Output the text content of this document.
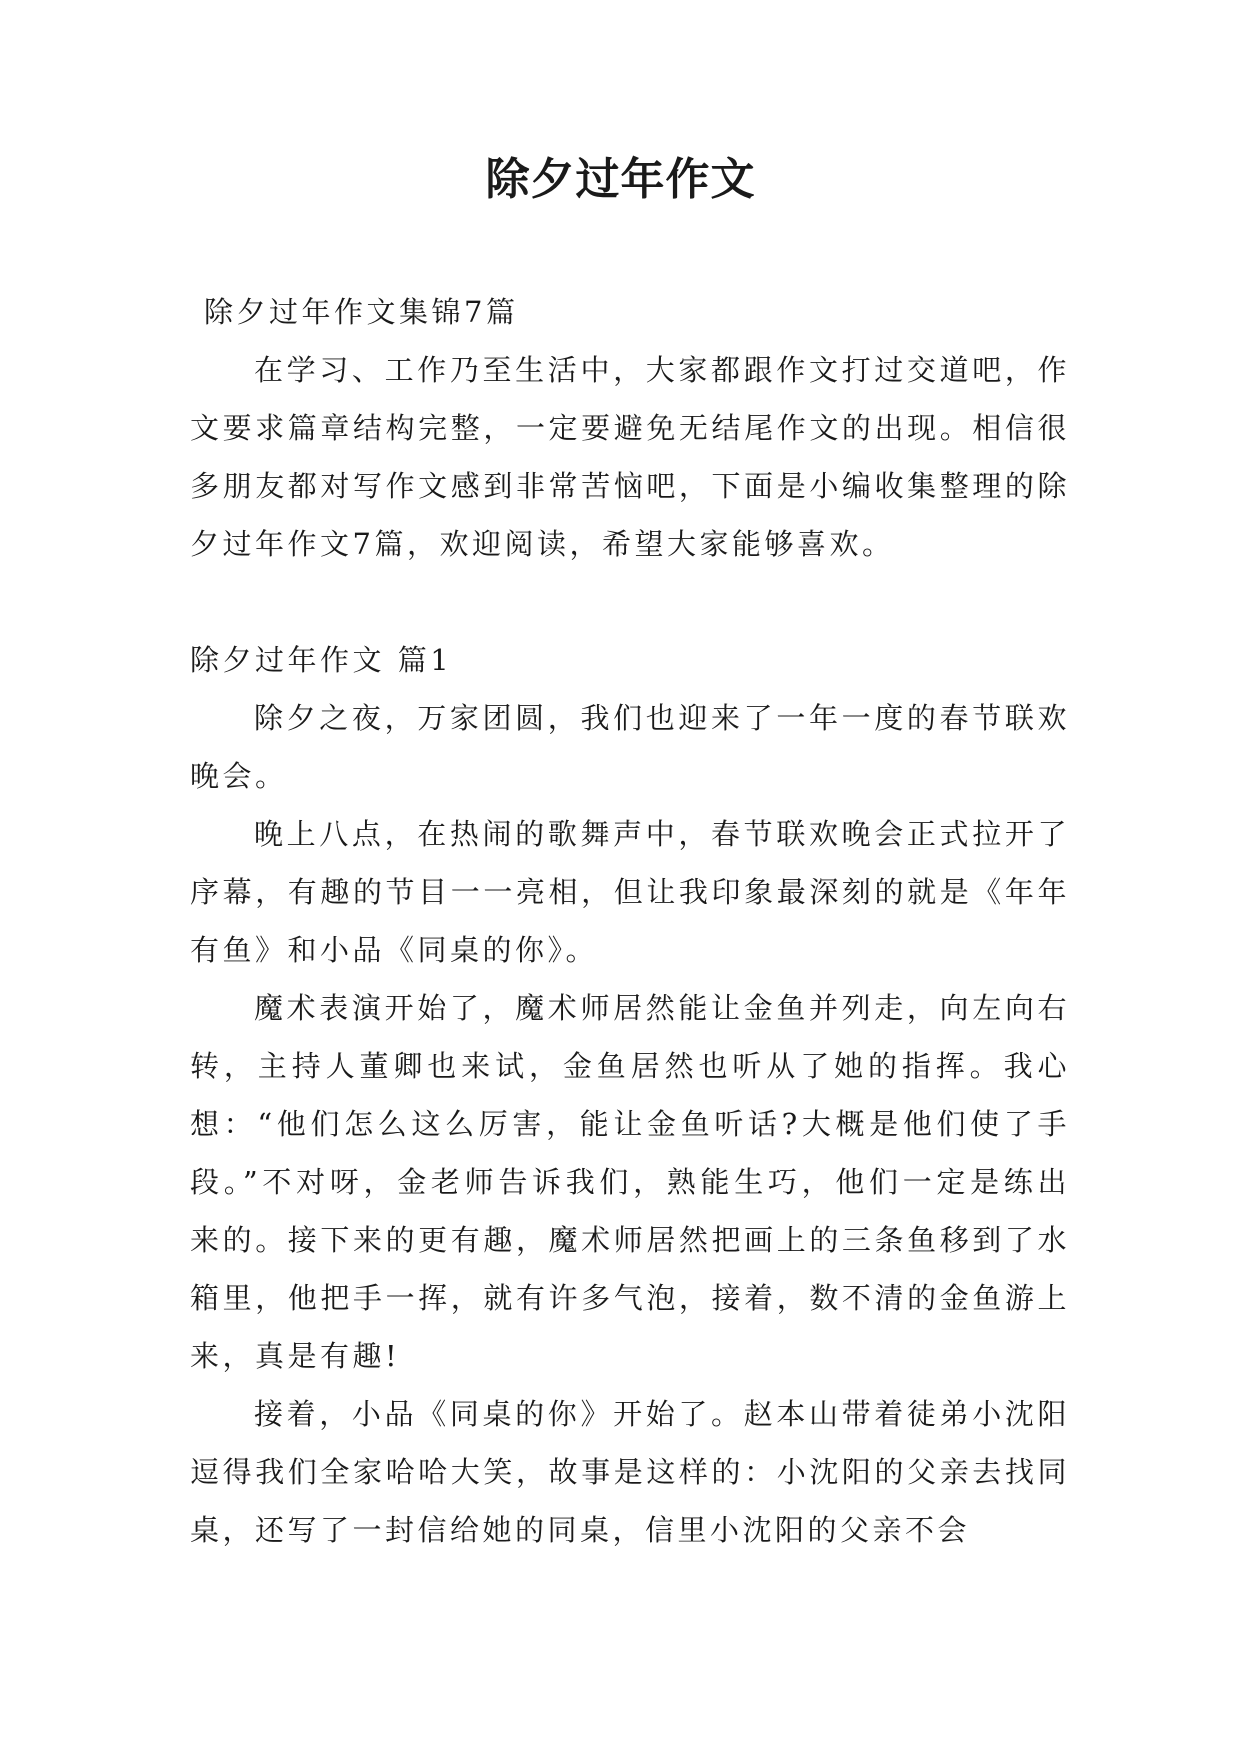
除夕过年作文

除夕过年作文集锦7篇

在学习、工作乃至生活中，大家都跟作文打过交道吧，作文要求篇章结构完整，一定要避免无结尾作文的出现。相信很多朋友都对写作文感到非常苦恼吧，下面是小编收集整理的除夕过年作文7篇，欢迎阅读，希望大家能够喜欢。

除夕过年作文 篇1

除夕之夜，万家团圆，我们也迎来了一年一度的春节联欢晚会。

晚上八点，在热闹的歌舞声中，春节联欢晚会正式拉开了序幕，有趣的节目一一亮相，但让我印象最深刻的就是《年年有鱼》和小品《同桌的你》。

魔术表演开始了，魔术师居然能让金鱼并列走，向左向右转，主持人董卿也来试，金鱼居然也听从了她的指挥。我心想：“他们怎么这么厉害，能让金鱼听话?大概是他们使了手段。”不对呀，金老师告诉我们，熟能生巧，他们一定是练出来的。接下来的更有趣，魔术师居然把画上的三条鱼移到了水箱里，他把手一挥，就有许多气泡，接着，数不清的金鱼游上来，真是有趣!

接着，小品《同桌的你》开始了。赵本山带着徒弟小沈阳逗得我们全家哈哈大笑，故事是这样的：小沈阳的父亲去找同桌，还写了一封信给她的同桌，信里小沈阳的父亲不会
